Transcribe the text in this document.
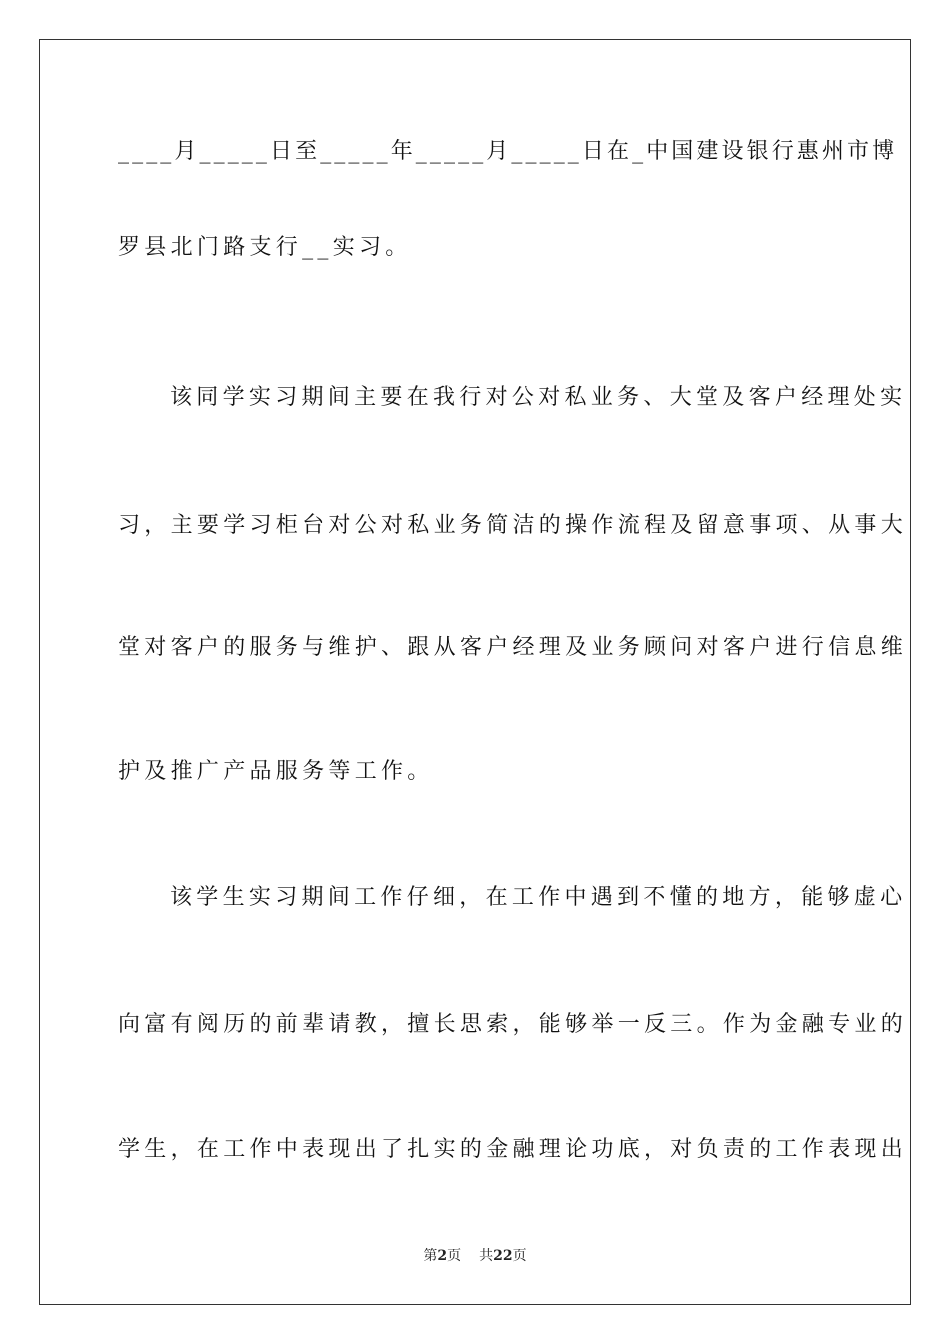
____月_____日至_____年_____月_____日在_中国建设银行惠州市博
罗县北门路支行__实习。
该同学实习期间主要在我行对公对私业务、大堂及客户经理处实
习，主要学习柜台对公对私业务简洁的操作流程及留意事项、从事大
堂对客户的服务与维护、跟从客户经理及业务顾问对客户进行信息维
护及推广产品服务等工作。
该学生实习期间工作仔细，在工作中遇到不懂的地方，能够虚心
向富有阅历的前辈请教，擅长思索，能够举一反三。作为金融专业的
学生，在工作中表现出了扎实的金融理论功底，对负责的工作表现出
第2页 共22页
